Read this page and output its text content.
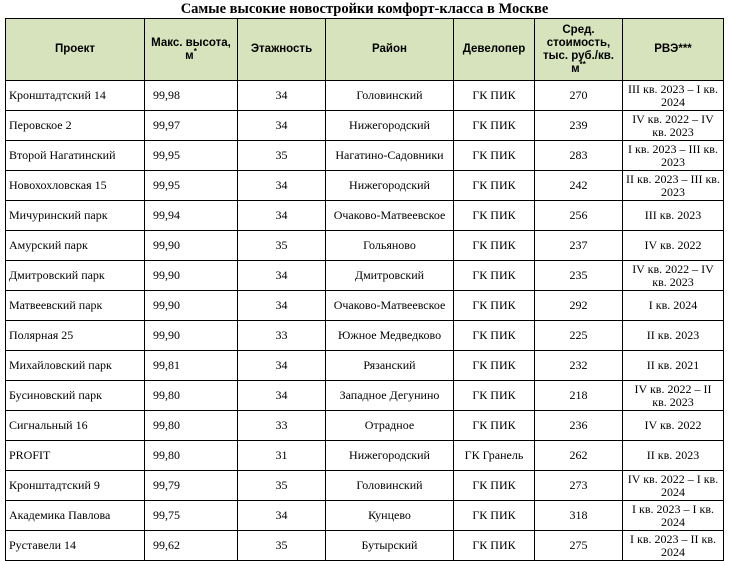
Самые высокие новостройки комфорт-класса в Москве
Проект	Макс. высота, м*	Этажность	Район	Девелопер	Сред. стоимость, тыс. руб./кв. м**	РВЭ***
Кронштадтский 14	99,98	34	Головинский	ГК ПИК	270	III кв. 2023 – I кв. 2024
Перовское 2	99,97	34	Нижегородский	ГК ПИК	239	IV кв. 2022 – IV кв. 2023
Второй Нагатинский	99,95	35	Нагатино-Садовники	ГК ПИК	283	I кв. 2023 – III кв. 2023
Новохохловская 15	99,95	34	Нижегородский	ГК ПИК	242	II кв. 2023 – III кв. 2023
Мичуринский парк	99,94	34	Очаково-Матвеевское	ГК ПИК	256	III кв. 2023
Амурский парк	99,90	35	Гольяново	ГК ПИК	237	IV кв. 2022
Дмитровский парк	99,90	34	Дмитровский	ГК ПИК	235	IV кв. 2022 – IV кв. 2023
Матвеевский парк	99,90	34	Очаково-Матвеевское	ГК ПИК	292	I кв. 2024
Полярная 25	99,90	33	Южное Медведково	ГК ПИК	225	II кв. 2023
Михайловский парк	99,81	34	Рязанский	ГК ПИК	232	II кв. 2021
Бусиновский парк	99,80	34	Западное Дегунино	ГК ПИК	218	IV кв. 2022 – II кв. 2023
Сигнальный 16	99,80	33	Отрадное	ГК ПИК	236	IV кв. 2022
PROFIT	99,80	31	Нижегородский	ГК Гранель	262	II кв. 2023
Кронштадтский 9	99,79	35	Головинский	ГК ПИК	273	IV кв. 2022 – I кв. 2024
Академика Павлова	99,75	34	Кунцево	ГК ПИК	318	I кв. 2023 – I кв. 2024
Руставели 14	99,62	35	Бутырский	ГК ПИК	275	I кв. 2023 – II кв. 2024
